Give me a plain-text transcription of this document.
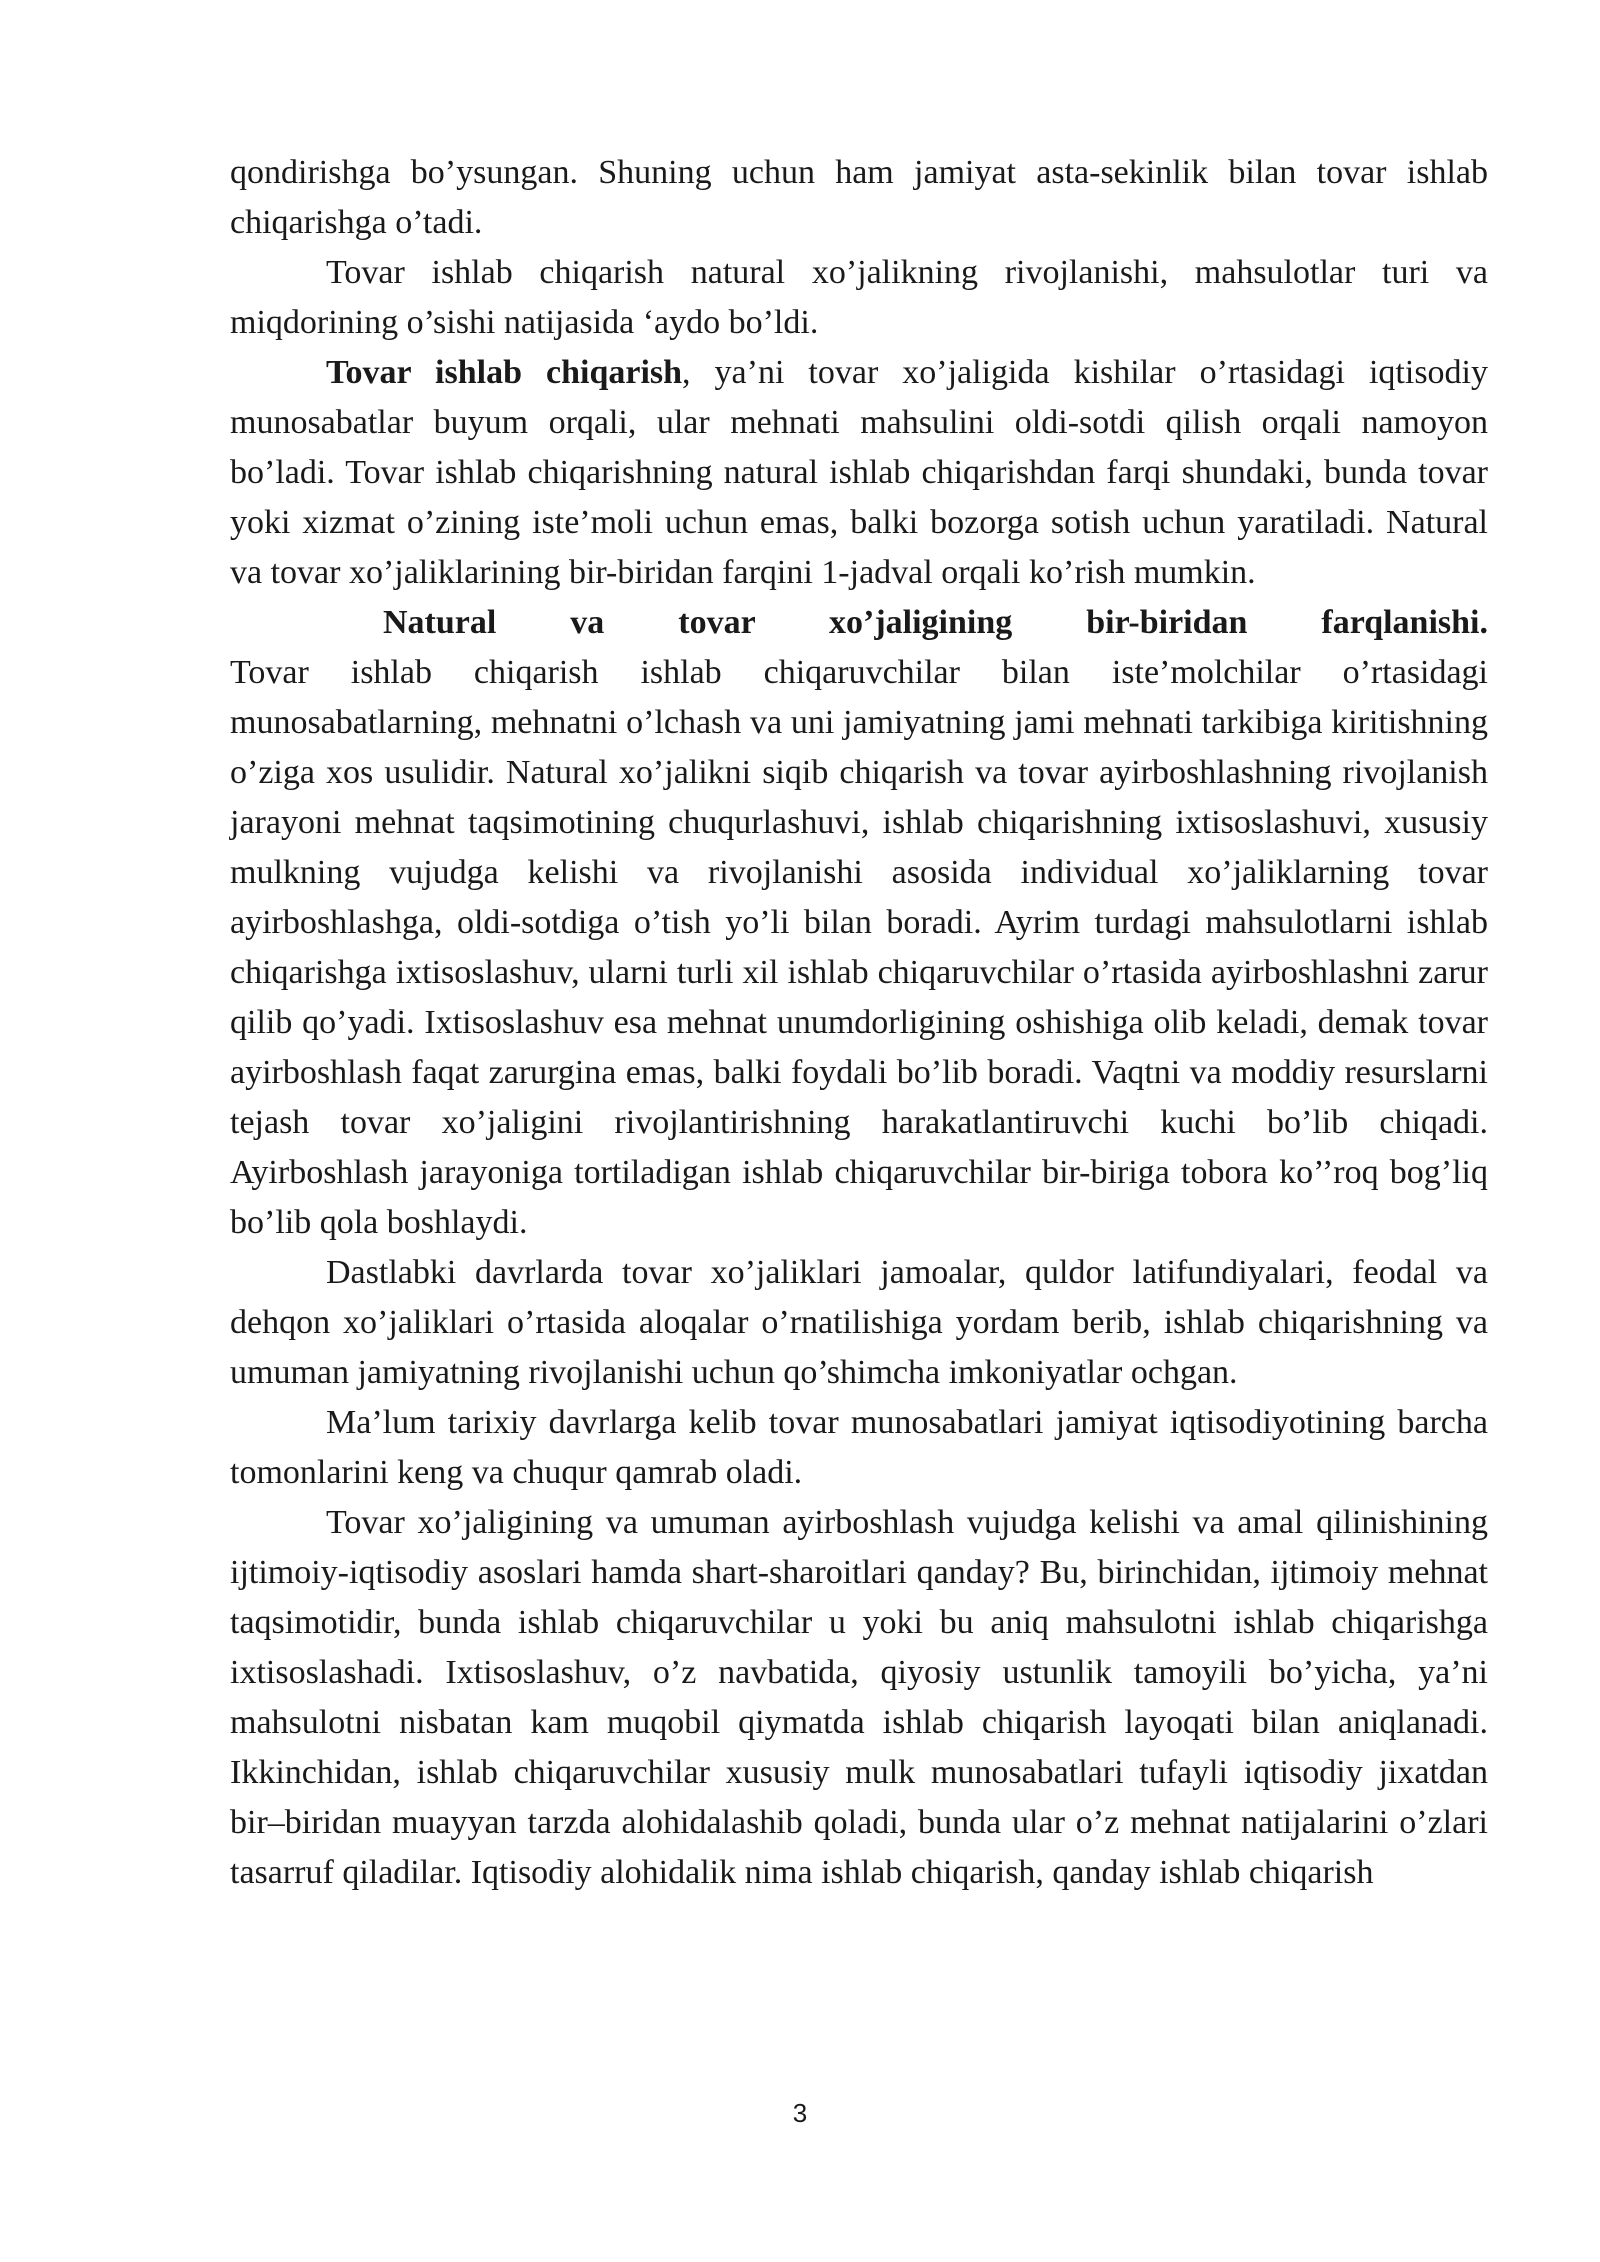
qondirishga bo’ysungan. Shuning uchun ham jamiyat asta-sekinlik bilan tovar ishlab chiqarishga o’tadi.

Tovar ishlab chiqarish natural xo’jalikning rivojlanishi, mahsulotlar turi va miqdorining o’sishi natijasida ‘aydo bo’ldi.

Tovar ishlab chiqarish, ya’ni tovar xo’jaligida kishilar o’rtasidagi iqtisodiy munosabatlar buyum orqali, ular mehnati mahsulini oldi-sotdi qilish orqali namoyon bo’ladi. Tovar ishlab chiqarishning natural ishlab chiqarishdan farqi shundaki, bunda tovar yoki xizmat o’zining iste’moli uchun emas, balki bozorga sotish uchun yaratiladi. Natural va tovar xo’jaliklarining bir-biridan farqini 1-jadval orqali ko’rish mumkin.

Natural va tovar xo’jaligining bir-biridan farqlanishi.

Tovar ishlab chiqarish ishlab chiqaruvchilar bilan iste’molchilar o’rtasidagi munosabatlarning, mehnatni o’lchash va uni jamiyatning jami mehnati tarkibiga kiritishning o’ziga xos usulidir. Natural xo’jalikni siqib chiqarish va tovar ayirboshlashning rivojlanish jarayoni mehnat taqsimotining chuqurlashuvi, ishlab chiqarishning ixtisoslashuvi, xususiy mulkning vujudga kelishi va rivojlanishi asosida individual xo’jaliklarning tovar ayirboshlashga, oldi-sotdiga o’tish yo’li bilan boradi. Ayrim turdagi mahsulotlarni ishlab chiqarishga ixtisoslashuv, ularni turli xil ishlab chiqaruvchilar o’rtasida ayirboshlashni zarur qilib qo’yadi. Ixtisoslashuv esa mehnat unumdorligining oshishiga olib keladi, demak tovar ayirboshlash faqat zarurgina emas, balki foydali bo’lib boradi. Vaqtni va moddiy resurslarni tejash tovar xo’jaligini rivojlantirishning harakatlantiruvchi kuchi bo’lib chiqadi. Ayirboshlash jarayoniga tortiladigan ishlab chiqaruvchilar bir-biriga tobora ko’’roq bog’liq bo’lib qola boshlaydi.

Dastlabki davrlarda tovar xo’jaliklari jamoalar, quldor latifundiyalari, feodal va dehqon xo’jaliklari o’rtasida aloqalar o’rnatilishiga yordam berib, ishlab chiqarishning va umuman jamiyatning rivojlanishi uchun qo’shimcha imkoniyatlar ochgan.

Ma’lum tarixiy davrlarga kelib tovar munosabatlari jamiyat iqtisodiyotining barcha tomonlarini keng va chuqur qamrab oladi.

Tovar xo’jaligining va umuman ayirboshlash vujudga kelishi va amal qilinishining ijtimoiy-iqtisodiy asoslari hamda shart-sharoitlari qanday? Bu, birinchidan, ijtimoiy mehnat taqsimotidir, bunda ishlab chiqaruvchilar u yoki bu aniq mahsulotni ishlab chiqarishga ixtisoslashadi. Ixtisoslashuv, o’z navbatida, qiyosiy ustunlik tamoyili bo’yicha, ya’ni mahsulotni nisbatan kam muqobil qiymatda ishlab chiqarish layoqati bilan aniqlanadi. Ikkinchidan, ishlab chiqaruvchilar xususiy mulk munosabatlari tufayli iqtisodiy jixatdan bir–biridan muayyan tarzda alohidalashib qoladi, bunda ular o’z mehnat natijalarini o’zlari tasarruf qiladilar. Iqtisodiy alohidalik nima ishlab chiqarish, qanday ishlab chiqarish

3
